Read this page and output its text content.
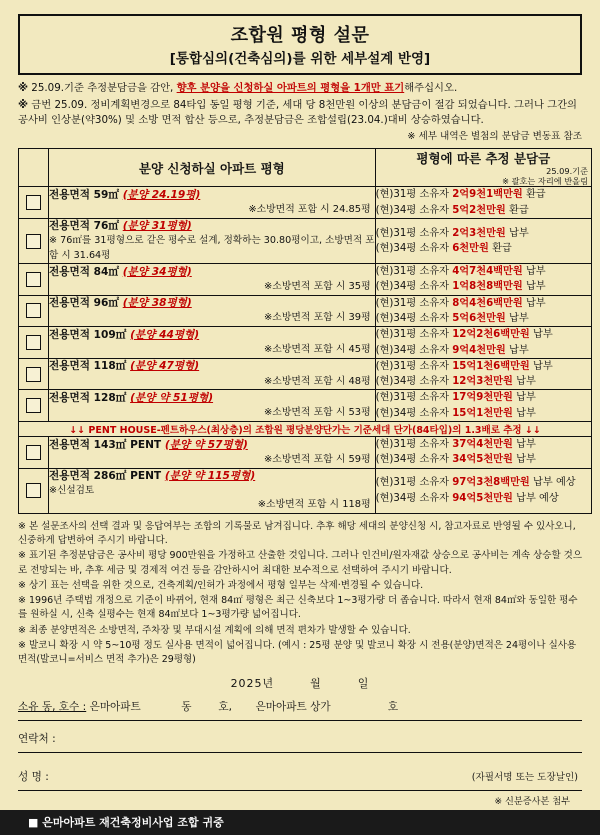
조합원 평형 설문
[통합심의(건축심의)를 위한 세부설계 반영]

※ 25.09.기준 추정분담금을 감안, 향후 분양을 신청하실 아파트의 평형을 1개만 표기해주십시오.

※ 금번 25.09. 정비계획변경으로 84타입 동일 평형 기준, 세대 당 8천만원 이상의 분담금이 절감 되었습니다. 그러나 그간의 공사비 인상분(약30%) 및 소방 면적 합산 등으로, 추정분담금은 조합설립(23.04.)대비 상승하였습니다.

※ 세부 내역은 별첨의 분담금 변동표 참조
	분양 신청하실 아파트 평형	평형에 따른 추정 분담금
25.09.기준
※ 괄호는 자리에 반올림

전용면적 59㎡ (분양 24.19평)
※소방면적 포함 시 24.85평

(현)31평 소유자 2억9천1백만원 환급
(현)34평 소유자 5억2천만원 환급

전용면적 76㎡ (분양 31평형)
※ 76㎡를 31평형으로 같은 평수로 설계, 정확하는 30.80평이고, 소방면적 포함 시 31.64평

(현)31평 소유자 2억3천만원 납부
(현)34평 소유자 6천만원 환급

전용면적 84㎡ (분양 34평형)
※소방면적 포함 시 35평

(현)31평 소유자 4억7천4백만원 납부
(현)34평 소유자 1억8천8백만원 납부

전용면적 96㎡ (분양 38평형)
※소방면적 포함 시 39평

(현)31평 소유자 8억4천6백만원 납부
(현)34평 소유자 5억6천만원 납부

전용면적 109㎡ (분양 44평형)
※소방면적 포함 시 45평

(현)31평 소유자 12억2천6백만원 납부
(현)34평 소유자 9억4천만원 납부

전용면적 118㎡ (분양 47평형)
※소방면적 포함 시 48평

(현)31평 소유자 15억1천6백만원 납부
(현)34평 소유자 12억3천만원 납부

전용면적 128㎡ (분양 약 51평형)
※소방면적 포함 시 53평

(현)31평 소유자 17억9천만원 납부
(현)34평 소유자 15억1천만원 납부

↓↓ PENT HOUSE-펜트하우스(최상층)의 조합원 평당분양단가는 기준세대 단가(84타입)의 1.3배로 추정 ↓↓		

전용면적 143㎡ PENT (분양 약 57평형)
※소방면적 포함 시 59평

(현)31평 소유자 37억4천만원 납부
(현)34평 소유자 34억5천만원 납부

전용면적 286㎡ PENT (분양 약 115평형)
※신설검토
※소방면적 포함 시 118평

(현)31평 소유자 97억3천8백만원 납부 예상
(현)34평 소유자 94억5천만원 납부 예상

※ 본 설문조사의 선택 결과 및 응답여부는 조합의 기록물로 남겨집니다. 추후 해당 세대의 분양신청 시, 참고자료로 반영될 수 있사오니, 신중하게 답변하여 주시기 바랍니다.

※ 표기된 추정분담금은 공사비 평당 900만원을 가정하고 산출한 것입니다. 그러나 인건비/원자재값 상승으로 공사비는 계속 상승할 것으로 전망되는 바, 추후 세금 및 경제적 여건 등을 감안하시어 최대한 보수적으로 선택하여 주시기 바랍니다.

※ 상기 표는 선택을 위한 것으로, 건축계획/인허가 과정에서 평형 일부는 삭제·변경될 수 있습니다.

※ 1996년 주택법 개정으로 기준이 바뀌어, 현재 84㎡ 평형은 최근 신축보다 1~3평가량 더 좁습니다. 따라서 현재 84㎡와 동일한 평수를 원하실 시, 신축 실평수는 현재 84㎡보다 1~3평가량 넓어집니다.

※ 최종 분양면적은 소방면적, 주차장 및 부대시설 계획에 의해 면적 편차가 발생할 수 있습니다.

※ 발코니 확장 시 약 5~10평 정도 실사용 면적이 넓어집니다. (예시 : 25평 분양 및 발코니 확장 시 전용(분양)면적은 24평이나 실사용 면적(발코니=서비스 면적 추가)은 29평형)

2025년	월	일
소유 동, 호수 : 은마아파트	동	호, 은마아파트 상가	호
연락처 :
성 명 :	(자필서명 또는 도장날인)
※ 신분증사본 첨부
■ 은마아파트 재건축정비사업 조합 귀중
